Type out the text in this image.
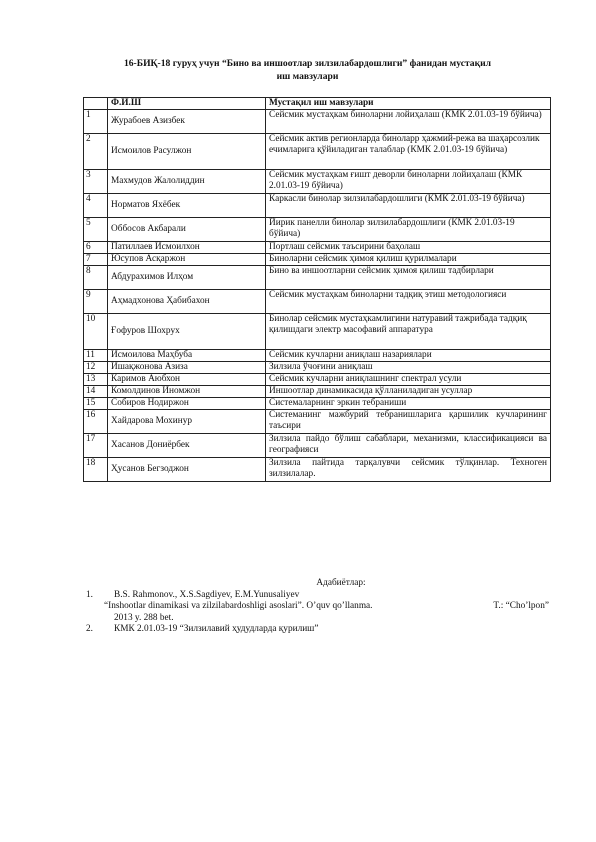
16-БИҚ-18 гуруҳ учун “Бино ва иншоотлар зилзилабардошлиги” фанидан мустақил
иш мавзулари
	Ф.И.Ш	Мустақил иш мавзулари
1	Журабоев Азизбек	Сейсмик мустаҳкам биноларни лойиҳалаш (КМК 2.01.03-19 бўйича)
2	Исмоилов Расулжон	Сейсмик актив регионларда биноларр ҳажмий-режа ва шаҳарсозлик ечимларига қўйиладиган талаблар (КМК 2.01.03-19 бўйича)
3	Махмудов Жалолиддин	Сейсмик мустаҳкам ғишт деворли биноларни лойиҳалаш (КМК 2.01.03-19 бўйича)
4	Норматов Яхёбек	Каркасли бинолар зилзилабардошлиги (КМК 2.01.03-19 бўйича)
5	Оббосов Акбарали	Йирик панелли бинолар зилзилабардошлиги (КМК 2.01.03-19 бўйича)
6	Патиллаев Исмоилхон	Портлаш сейсмик таъсирини баҳолаш
7	Юсупов Асқаржон	Биноларни сейсмик ҳимоя қилиш қурилмалари
8	Абдурахимов Илҳом	Бино ва иншоотларни сейсмик ҳимоя қилиш тадбирлари
9	Аҳмадхонова Ҳабибахон	Сейсмик мустаҳкам биноларни тадқиқ этиш методологияси
10	Ғофуров Шохрух	Бинолар сейсмик мустаҳкамлигини натуравий тажрибада тадқиқ қилишдаги электр масофавий аппаратура
11	Исмоилова Маҳбуба	Сейсмик кучларни аниқлаш назариялари
12	Ишақжонова Азиза	Зилзила ўчоғини аниқлаш
13	Каримов Аюбхон	Сейсмик кучларни аниқлашнинг спектрал усули
14	Комолдинов Иномжон	Иншоотлар динамикасида қўлланиладиган усуллар
15	Собиров Нодиржон	Системаларнинг эркин тебраниши
16	Хайдарова Мохинур	Системанинг мажбурий тебранишларига қаршилик кучларининг таъсири
17	Хасанов Дониёрбек	Зилзила пайдо бўлиш сабаблари, механизми, классификацияси ва географияси
18	Ҳусанов Бегзоджон	Зилзила пайтида тарқалувчи сейсмик тўлқинлар. Техноген зилзилалар.
Адабиётлар:
1.	B.S. Rahmonov., X.S.Sagdiyev, E.M.Yunusaliyev
“Inshootlar dinamikasi va zilzilabardoshligi asoslari”. O’quv qo’llanma.	T.: “Cho’lpon”
2013 y. 288 bet.
2.	КМК 2.01.03-19 “Зилзилавий ҳудудларда қурилиш”
